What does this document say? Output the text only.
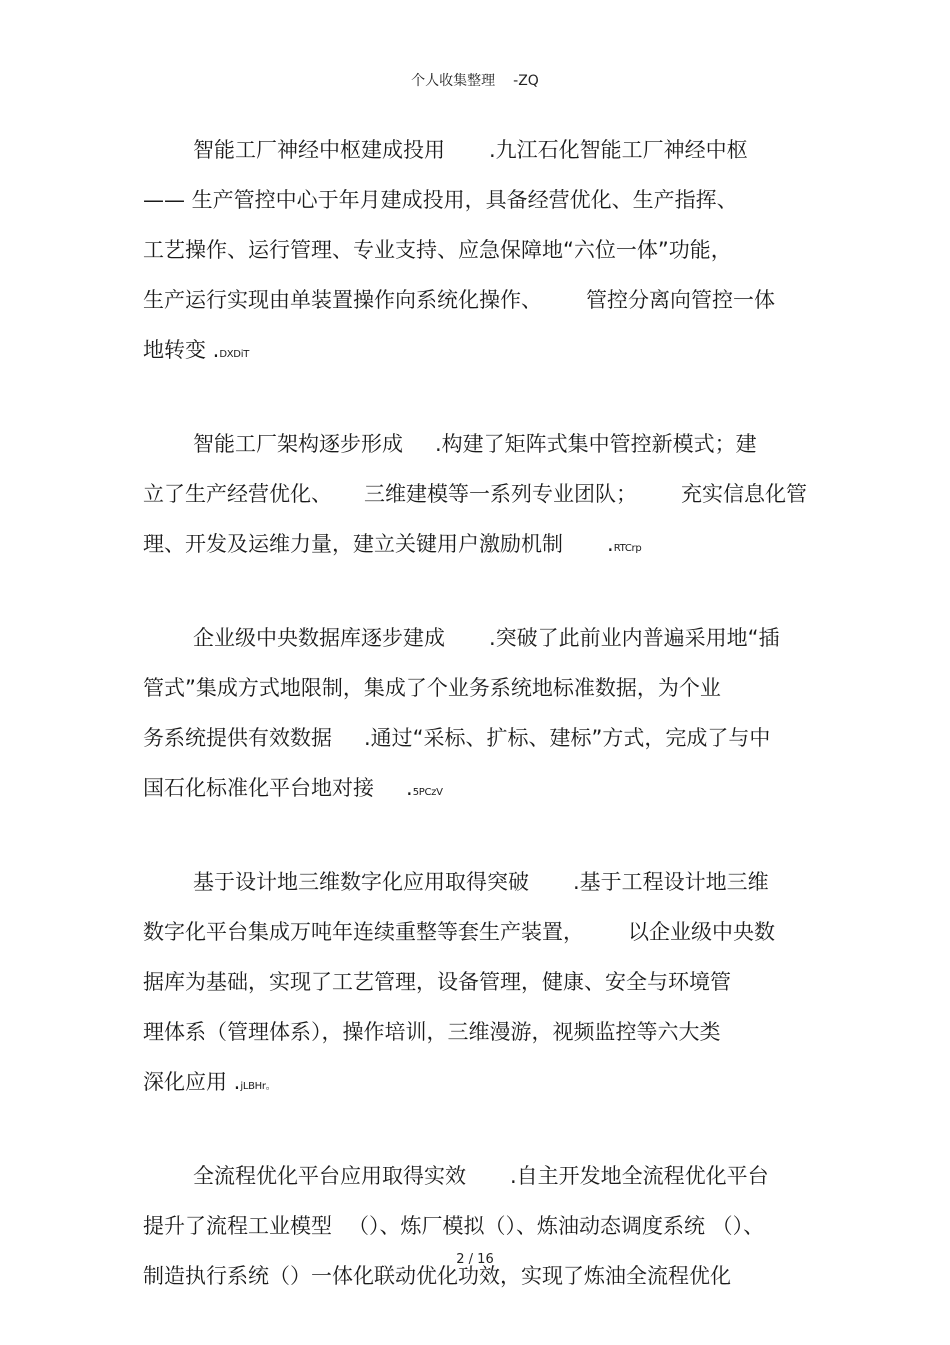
个人收集整理 -ZQ
智能工厂神经中枢建成投用 .九江石化智能工厂神经中枢
—— 生产管控中心于年月建成投用，具备经营优化、生产指挥、
工艺操作、运行管理、专业支持、应急保障地“六位一体”功能，
生产运行实现由单装置操作向系统化操作、 管控分离向管控一体
地转变 .DXDiT
智能工厂架构逐步形成 .构建了矩阵式集中管控新模式；建
立了生产经营优化、 三维建模等一系列专业团队； 充实信息化管
理、开发及运维力量，建立关键用户激励机制 .RTCrp
企业级中央数据库逐步建成 .突破了此前业内普遍采用地“插
管式”集成方式地限制，集成了个业务系统地标准数据，为个业
务系统提供有效数据 .通过“采标、扩标、建标”方式，完成了与中
国石化标准化平台地对接 .5PCzV
基于设计地三维数字化应用取得突破 .基于工程设计地三维
数字化平台集成万吨年连续重整等套生产装置， 以企业级中央数
据库为基础，实现了工艺管理，设备管理，健康、安全与环境管
理体系（管理体系），操作培训，三维漫游，视频监控等六大类
深化应用 .jLBHr。
全流程优化平台应用取得实效 .自主开发地全流程优化平台
提升了流程工业模型 （）、炼厂模拟（）、炼油动态调度系统 （）、
制造执行系统（）一体化联动优化功效，实现了炼油全流程优化
2 / 16
